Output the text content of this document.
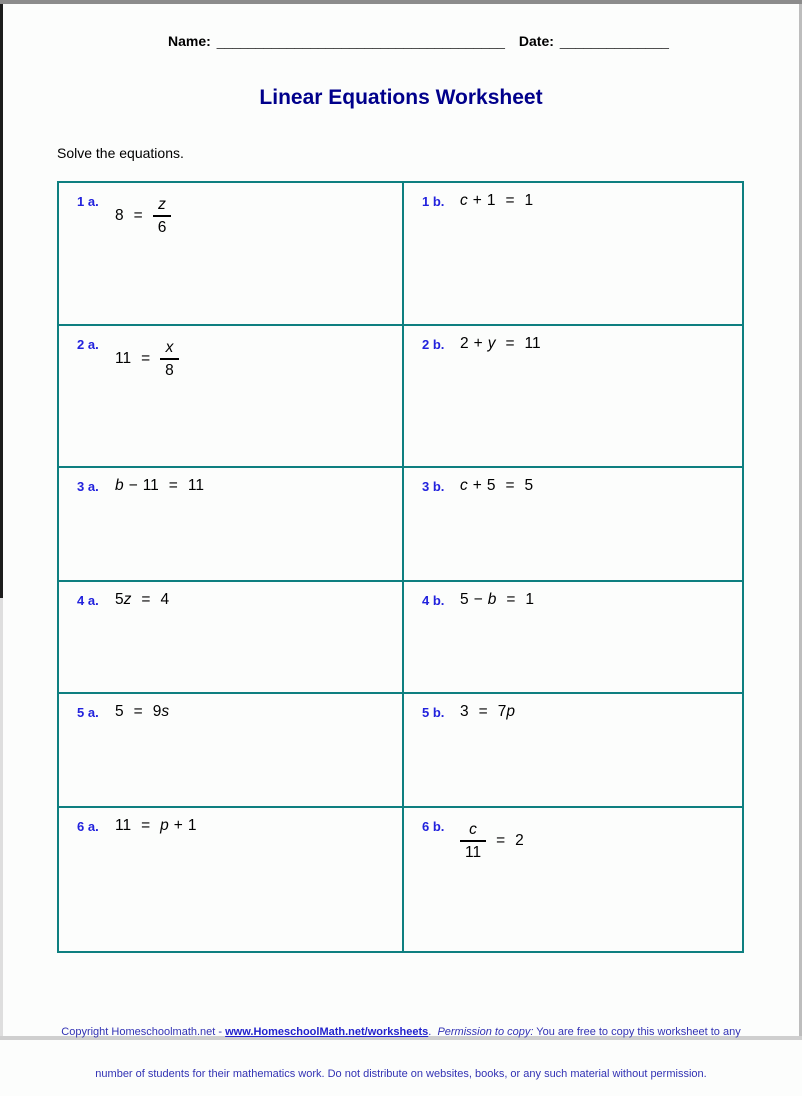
Name: _____________________________________ Date: ______________
Linear Equations Worksheet
Solve the equations.
1 a.
$8 = \frac{z}{6}$	1 b. c + 1 = 1
2 a.
$11 = \frac{x}{8}$	2 b. 2 + y = 11
3 a. b − 11 = 11	3 b. c + 5 = 5
4 a. 5 z = 4	4 b. 5 − b = 1
5 a. 5 = 9 s	5 b. 3 = 7 p
6 a. 11 = p + 1	6 b. $\frac{c}{11} = 2$

Copyright Homeschoolmath.net - www.HomeschoolMath.net/worksheets.  Permission to copy: You are free to copy this worksheet to any

number of students for their mathematics work. Do not distribute on websites, books, or any such material without permission.
